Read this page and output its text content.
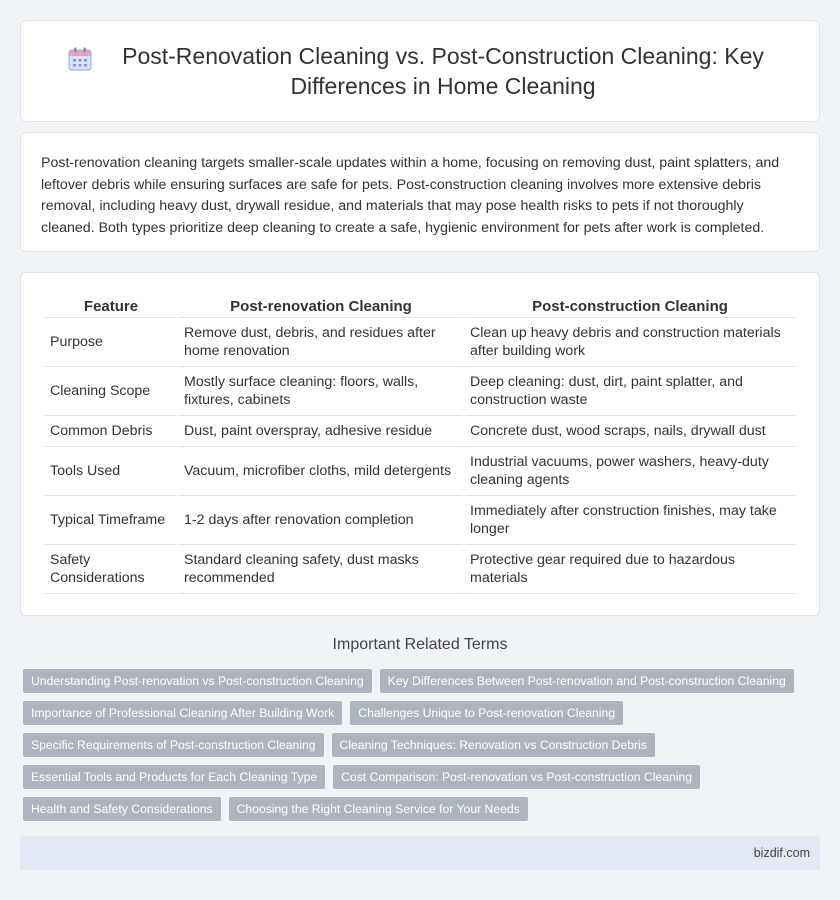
Post-Renovation Cleaning vs. Post-Construction Cleaning: Key Differences in Home Cleaning

Post-renovation cleaning targets smaller-scale updates within a home, focusing on removing dust, paint splatters, and leftover debris while ensuring surfaces are safe for pets. Post-construction cleaning involves more extensive debris removal, including heavy dust, drywall residue, and materials that may pose health risks to pets if not thoroughly cleaned. Both types prioritize deep cleaning to create a safe, hygienic environment for pets after work is completed.

Feature	Post-renovation Cleaning	Post-construction Cleaning
Purpose	Remove dust, debris, and residues after home renovation	Clean up heavy debris and construction materials after building work
Cleaning Scope	Mostly surface cleaning: floors, walls, fixtures, cabinets	Deep cleaning: dust, dirt, paint splatter, and construction waste
Common Debris	Dust, paint overspray, adhesive residue	Concrete dust, wood scraps, nails, drywall dust
Tools Used	Vacuum, microfiber cloths, mild detergents	Industrial vacuums, power washers, heavy-duty cleaning agents
Typical Timeframe	1-2 days after renovation completion	Immediately after construction finishes, may take longer
Safety Considerations	Standard cleaning safety, dust masks recommended	Protective gear required due to hazardous materials
Important Related Terms
Understanding Post-renovation vs Post-construction Cleaning	Key Differences Between Post-renovation and Post-construction Cleaning
Importance of Professional Cleaning After Building Work	Challenges Unique to Post-renovation Cleaning
Specific Requirements of Post-construction Cleaning	Cleaning Techniques: Renovation vs Construction Debris
Essential Tools and Products for Each Cleaning Type	Cost Comparison: Post-renovation vs Post-construction Cleaning
Health and Safety Considerations	Choosing the Right Cleaning Service for Your Needs
bizdif.com
